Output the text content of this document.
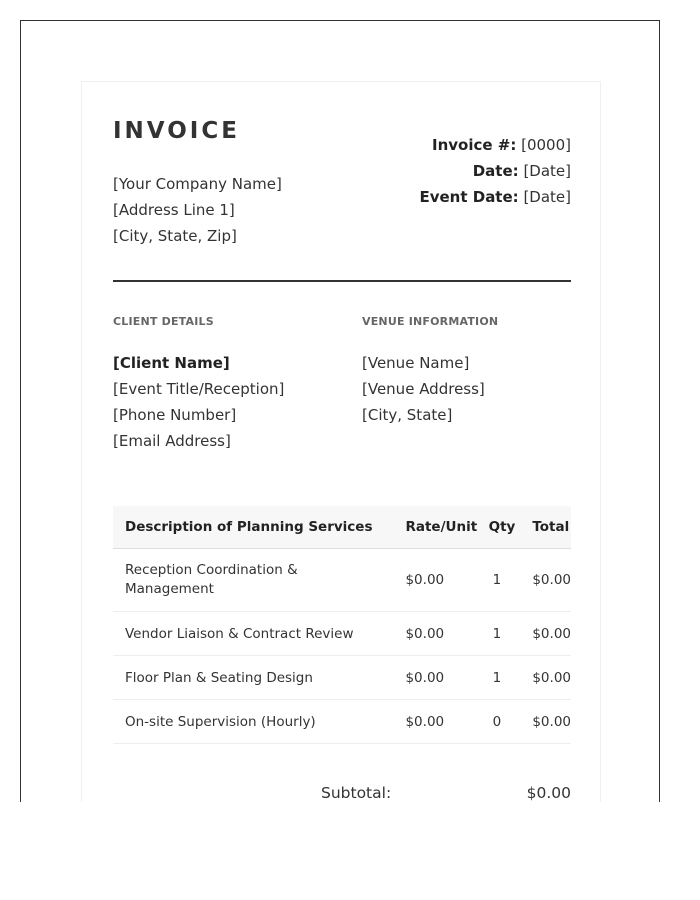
INVOICE
[Your Company Name]
[Address Line 1]
[City, State, Zip]
Invoice #: [0000]
Date: [Date]
Event Date: [Date]
CLIENT DETAILS	VENUE INFORMATION
[Client Name]
[Event Title/Reception]
[Phone Number]
[Email Address]
[Venue Name]
[Venue Address]
[City, State]
Description of Planning Services	Rate/Unit	Qty	Total
Reception Coordination & Management	$0.00	1	$0.00
Vendor Liaison & Contract Review	$0.00	1	$0.00
Floor Plan & Seating Design	$0.00	1	$0.00
On-site Supervision (Hourly)	$0.00	0	$0.00
Subtotal:	$0.00
